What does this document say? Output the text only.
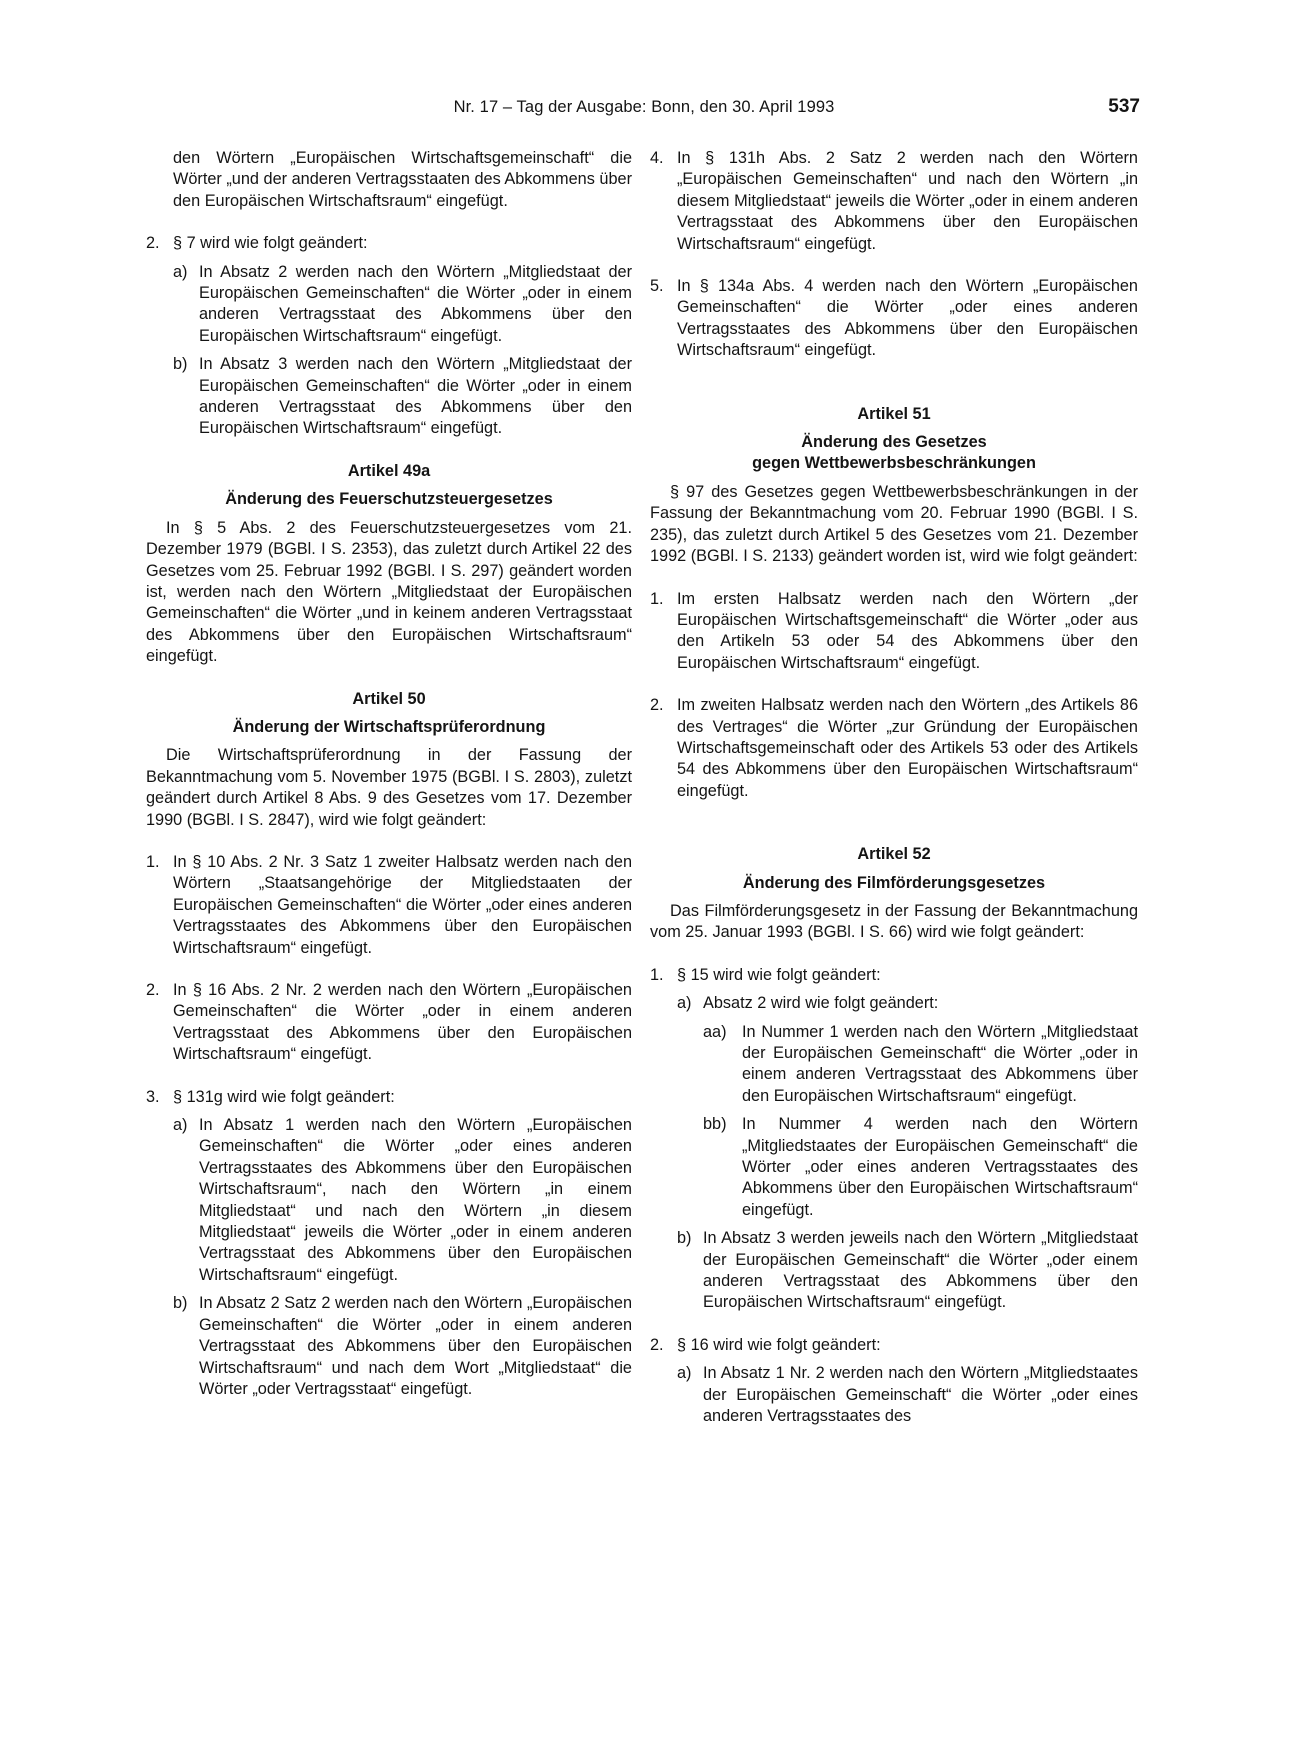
Nr. 17 – Tag der Ausgabe: Bonn, den 30. April 1993	537

den Wörtern „Europäischen Wirtschaftsgemeinschaft“ die Wörter „und der anderen Vertragsstaaten des Abkommens über den Europäischen Wirtschaftsraum“ eingefügt.

2. § 7 wird wie folgt geändert:
a) In Absatz 2 werden nach den Wörtern „Mitgliedstaat der Europäischen Gemeinschaften“ die Wörter „oder in einem anderen Vertragsstaat des Abkommens über den Europäischen Wirtschaftsraum“ eingefügt.
b) In Absatz 3 werden nach den Wörtern „Mitgliedstaat der Europäischen Gemeinschaften“ die Wörter „oder in einem anderen Vertragsstaat des Abkommens über den Europäischen Wirtschaftsraum“ eingefügt.
Artikel 49a
Änderung des Feuerschutzsteuergesetzes

In § 5 Abs. 2 des Feuerschutzsteuergesetzes vom 21. Dezember 1979 (BGBl. I S. 2353), das zuletzt durch Artikel 22 des Gesetzes vom 25. Februar 1992 (BGBl. I S. 297) geändert worden ist, werden nach den Wörtern „Mitgliedstaat der Europäischen Gemeinschaften“ die Wörter „und in keinem anderen Vertragsstaat des Abkommens über den Europäischen Wirtschaftsraum“ eingefügt.

Artikel 50
Änderung der Wirtschaftsprüferordnung

Die Wirtschaftsprüferordnung in der Fassung der Bekanntmachung vom 5. November 1975 (BGBl. I S. 2803), zuletzt geändert durch Artikel 8 Abs. 9 des Gesetzes vom 17. Dezember 1990 (BGBl. I S. 2847), wird wie folgt geändert:

1. In § 10 Abs. 2 Nr. 3 Satz 1 zweiter Halbsatz werden nach den Wörtern „Staatsangehörige der Mitgliedstaaten der Europäischen Gemeinschaften“ die Wörter „oder eines anderen Vertragsstaates des Abkommens über den Europäischen Wirtschaftsraum“ eingefügt.
2. In § 16 Abs. 2 Nr. 2 werden nach den Wörtern „Europäischen Gemeinschaften“ die Wörter „oder in einem anderen Vertragsstaat des Abkommens über den Europäischen Wirtschaftsraum“ eingefügt.
3. § 131g wird wie folgt geändert:
a) In Absatz 1 werden nach den Wörtern „Europäischen Gemeinschaften“ die Wörter „oder eines anderen Vertragsstaates des Abkommens über den Europäischen Wirtschaftsraum“, nach den Wörtern „in einem Mitgliedstaat“ und nach den Wörtern „in diesem Mitgliedstaat“ jeweils die Wörter „oder in einem anderen Vertragsstaat des Abkommens über den Europäischen Wirtschaftsraum“ eingefügt.
b) In Absatz 2 Satz 2 werden nach den Wörtern „Europäischen Gemeinschaften“ die Wörter „oder in einem anderen Vertragsstaat des Abkommens über den Europäischen Wirtschaftsraum“ und nach dem Wort „Mitgliedstaat“ die Wörter „oder Vertragsstaat“ eingefügt.
4. In § 131h Abs. 2 Satz 2 werden nach den Wörtern „Europäischen Gemeinschaften“ und nach den Wörtern „in diesem Mitgliedstaat“ jeweils die Wörter „oder in einem anderen Vertragsstaat des Abkommens über den Europäischen Wirtschaftsraum“ eingefügt.
5. In § 134a Abs. 4 werden nach den Wörtern „Europäischen Gemeinschaften“ die Wörter „oder eines anderen Vertragsstaates des Abkommens über den Europäischen Wirtschaftsraum“ eingefügt.
Artikel 51
Änderung des Gesetzes
gegen Wettbewerbsbeschränkungen

§ 97 des Gesetzes gegen Wettbewerbsbeschränkungen in der Fassung der Bekanntmachung vom 20. Februar 1990 (BGBl. I S. 235), das zuletzt durch Artikel 5 des Gesetzes vom 21. Dezember 1992 (BGBl. I S. 2133) geändert worden ist, wird wie folgt geändert:

1. Im ersten Halbsatz werden nach den Wörtern „der Europäischen Wirtschaftsgemeinschaft“ die Wörter „oder aus den Artikeln 53 oder 54 des Abkommens über den Europäischen Wirtschaftsraum“ eingefügt.
2. Im zweiten Halbsatz werden nach den Wörtern „des Artikels 86 des Vertrages“ die Wörter „zur Gründung der Europäischen Wirtschaftsgemeinschaft oder des Artikels 53 oder des Artikels 54 des Abkommens über den Europäischen Wirtschaftsraum“ eingefügt.
Artikel 52
Änderung des Filmförderungsgesetzes

Das Filmförderungsgesetz in der Fassung der Bekanntmachung vom 25. Januar 1993 (BGBl. I S. 66) wird wie folgt geändert:

1. § 15 wird wie folgt geändert:
a) Absatz 2 wird wie folgt geändert:
aa) In Nummer 1 werden nach den Wörtern „Mitgliedstaat der Europäischen Gemeinschaft“ die Wörter „oder in einem anderen Vertragsstaat des Abkommens über den Europäischen Wirtschaftsraum“ eingefügt.
bb) In Nummer 4 werden nach den Wörtern „Mitgliedstaates der Europäischen Gemeinschaft“ die Wörter „oder eines anderen Vertragsstaates des Abkommens über den Europäischen Wirtschaftsraum“ eingefügt.
b) In Absatz 3 werden jeweils nach den Wörtern „Mitgliedstaat der Europäischen Gemeinschaft“ die Wörter „oder einem anderen Vertragsstaat des Abkommens über den Europäischen Wirtschaftsraum“ eingefügt.
2. § 16 wird wie folgt geändert:
a) In Absatz 1 Nr. 2 werden nach den Wörtern „Mitgliedstaates der Europäischen Gemeinschaft“ die Wörter „oder eines anderen Vertragsstaates des
